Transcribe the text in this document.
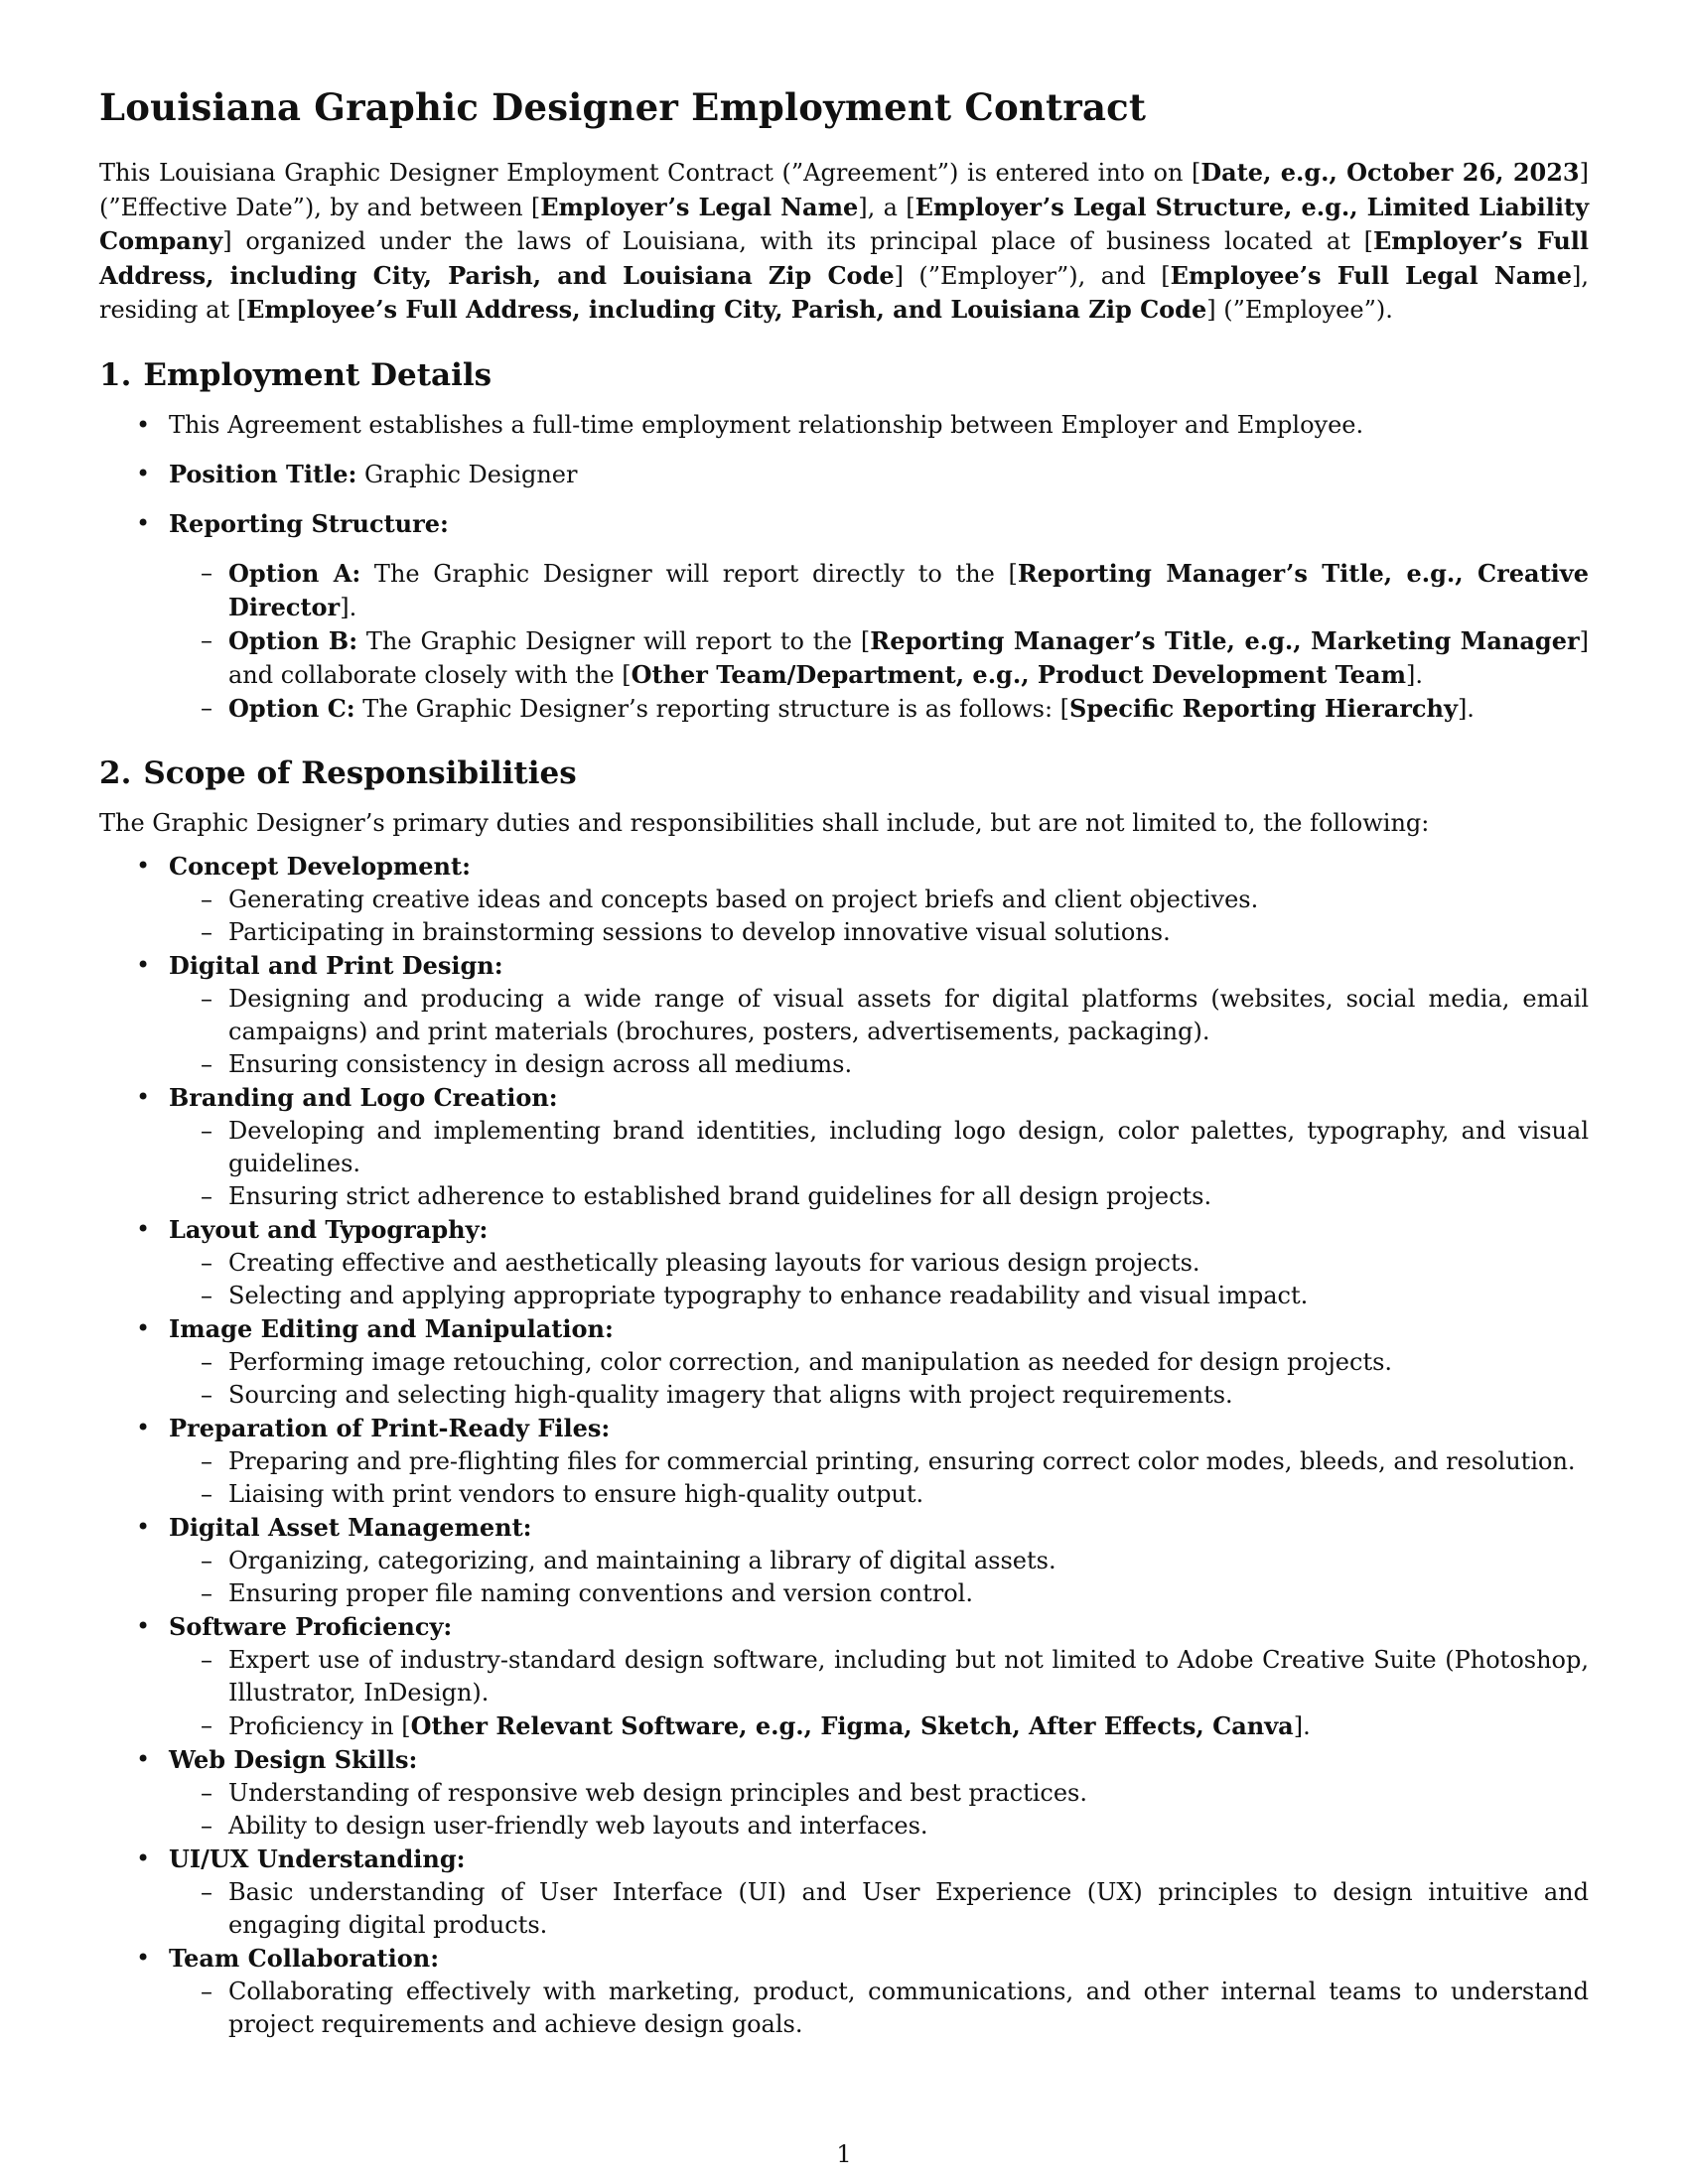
Louisiana Graphic Designer Employment Contract

This Louisiana Graphic Designer Employment Contract (”Agreement”) is entered into on [Date, e.g., October 26, 2023] (”Effective Date”), by and between [Employer’s Legal Name], a [Employer’s Legal Structure, e.g., Limited Liability Company] organized under the laws of Louisiana, with its principal place of business located at [Employer’s Full Address, including City, Parish, and Louisiana Zip Code] (”Employer”), and [Employee’s Full Legal Name], residing at [Employee’s Full Address, including City, Parish, and Louisiana Zip Code] (”Employee”).

1. Employment Details
• This Agreement establishes a full-time employment relationship between Employer and Employee.
• Position Title: Graphic Designer
• Reporting Structure:
– Option A: The Graphic Designer will report directly to the [Reporting Manager’s Title, e.g., Creative Director].
– Option B: The Graphic Designer will report to the [Reporting Manager’s Title, e.g., Marketing Manager] and collaborate closely with the [Other Team/Department, e.g., Product Development Team].
– Option C: The Graphic Designer’s reporting structure is as follows: [Specific Reporting Hierarchy].
2. Scope of Responsibilities

The Graphic Designer’s primary duties and responsibilities shall include, but are not limited to, the following:

• Concept Development:
– Generating creative ideas and concepts based on project briefs and client objectives.
– Participating in brainstorming sessions to develop innovative visual solutions.
• Digital and Print Design:
– Designing and producing a wide range of visual assets for digital platforms (websites, social media, email campaigns) and print materials (brochures, posters, advertisements, packaging).
– Ensuring consistency in design across all mediums.
• Branding and Logo Creation:
– Developing and implementing brand identities, including logo design, color palettes, typography, and visual guidelines.
– Ensuring strict adherence to established brand guidelines for all design projects.
• Layout and Typography:
– Creating effective and aesthetically pleasing layouts for various design projects.
– Selecting and applying appropriate typography to enhance readability and visual impact.
• Image Editing and Manipulation:
– Performing image retouching, color correction, and manipulation as needed for design projects.
– Sourcing and selecting high-quality imagery that aligns with project requirements.
• Preparation of Print-Ready Files:
– Preparing and pre-flighting files for commercial printing, ensuring correct color modes, bleeds, and resolution.
– Liaising with print vendors to ensure high-quality output.
• Digital Asset Management:
– Organizing, categorizing, and maintaining a library of digital assets.
– Ensuring proper file naming conventions and version control.
• Software Proficiency:
– Expert use of industry-standard design software, including but not limited to Adobe Creative Suite (Photoshop, Illustrator, InDesign).
– Proficiency in [Other Relevant Software, e.g., Figma, Sketch, After Effects, Canva].
• Web Design Skills:
– Understanding of responsive web design principles and best practices.
– Ability to design user-friendly web layouts and interfaces.
• UI/UX Understanding:
– Basic understanding of User Interface (UI) and User Experience (UX) principles to design intuitive and engaging digital products.
• Team Collaboration:
– Collaborating effectively with marketing, product, communications, and other internal teams to understand project requirements and achieve design goals.
1
